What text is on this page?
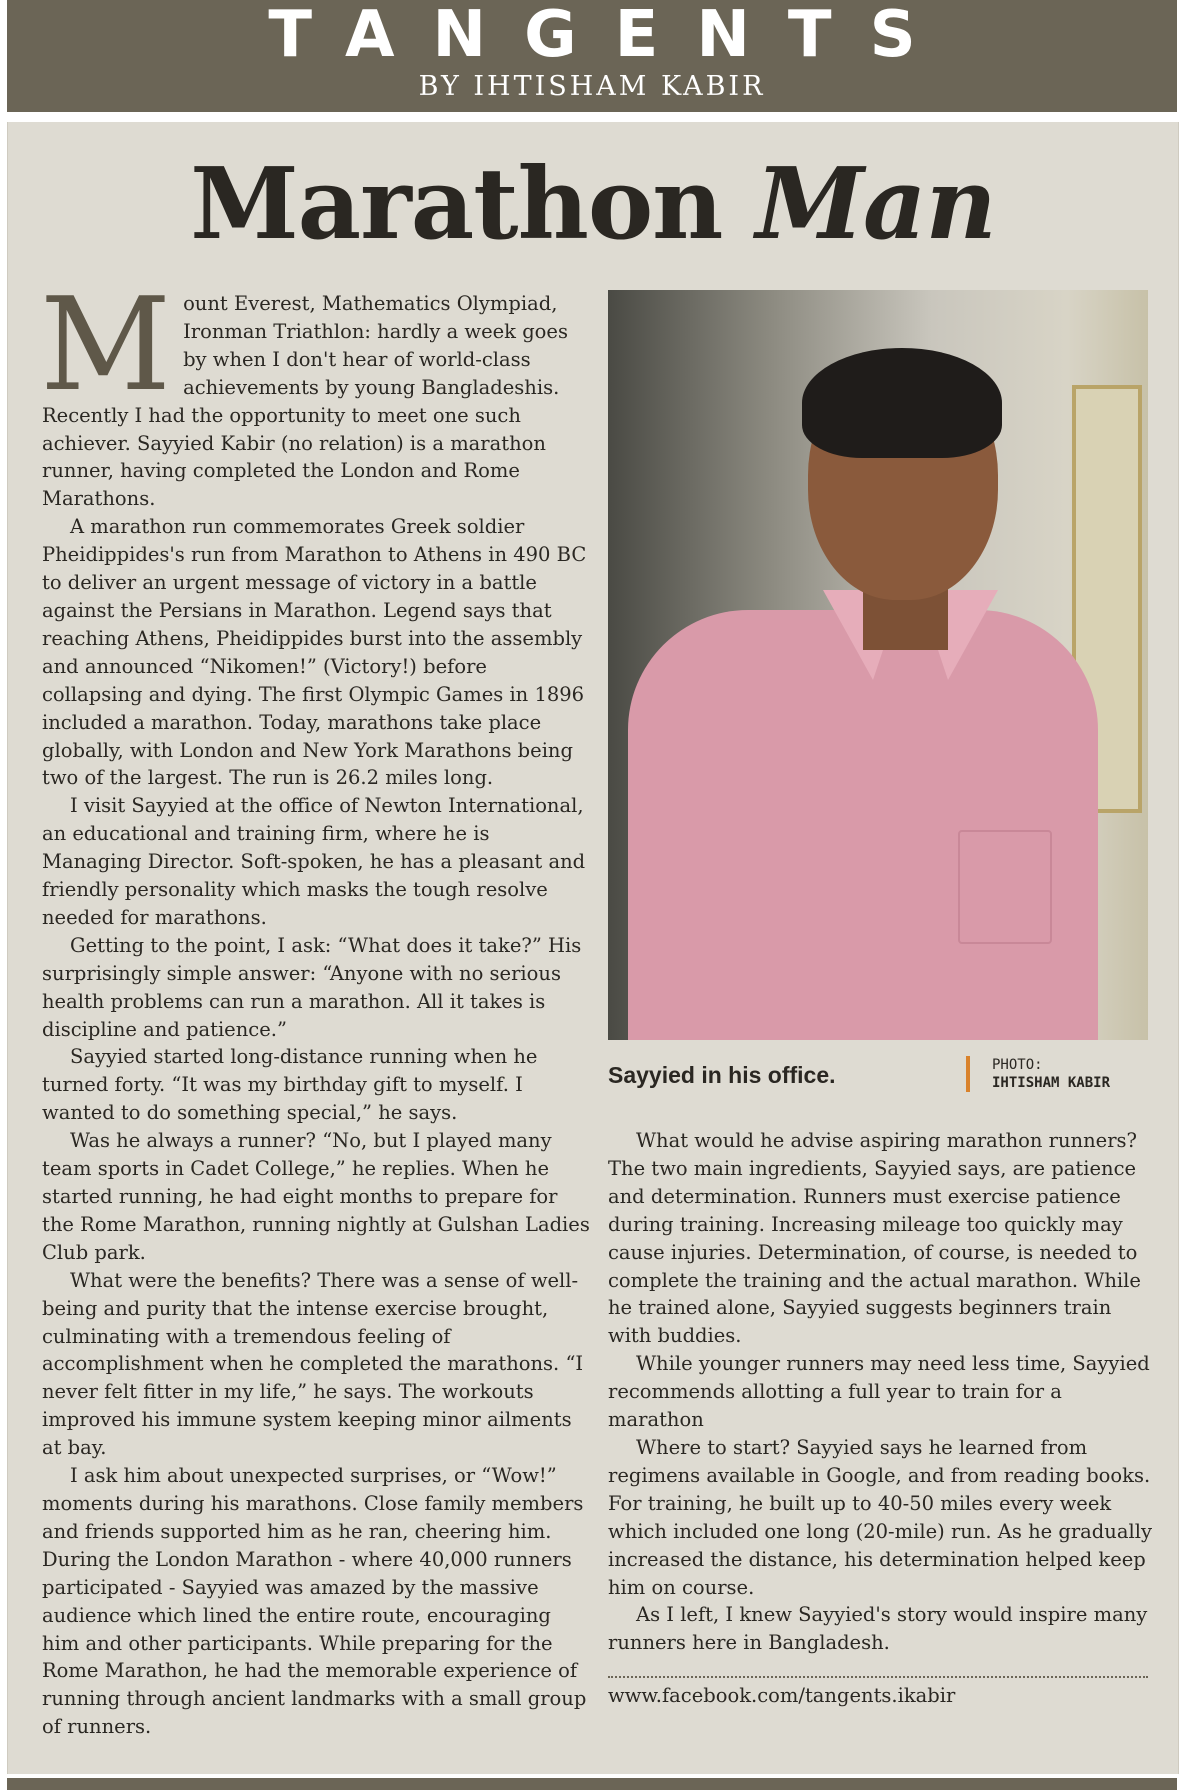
TANGENTS
BY IHTISHAM KABIR
Marathon Man

Mount Everest, Mathematics Olympiad, Ironman Triathlon: hardly a week goes by when I don't hear of world-class achievements by young Bangladeshis. Recently I had the opportunity to meet one such achiever. Sayyied Kabir (no relation) is a marathon runner, having completed the London and Rome Marathons.

A marathon run commemorates Greek soldier Pheidippides's run from Marathon to Athens in 490 BC to deliver an urgent message of victory in a battle against the Persians in Marathon. Legend says that reaching Athens, Pheidippides burst into the assembly and announced “Nikomen!” (Victory!) before collapsing and dying. The first Olympic Games in 1896 included a marathon. Today, marathons take place globally, with London and New York Marathons being two of the largest. The run is 26.2 miles long.

I visit Sayyied at the office of Newton International, an educational and training firm, where he is Managing Director. Soft-spoken, he has a pleasant and friendly personality which masks the tough resolve needed for marathons.

Getting to the point, I ask: “What does it take?” His surprisingly simple answer: “Anyone with no serious health problems can run a marathon. All it takes is discipline and patience.”

Sayyied started long-distance running when he turned forty. “It was my birthday gift to myself. I wanted to do something special,” he says.

Was he always a runner? “No, but I played many team sports in Cadet College,” he replies. When he started running, he had eight months to prepare for the Rome Marathon, running nightly at Gulshan Ladies Club park.

What were the benefits? There was a sense of well-being and purity that the intense exercise brought, culminating with a tremendous feeling of accomplishment when he completed the marathons. “I never felt fitter in my life,” he says. The workouts improved his immune system keeping minor ailments at bay.

I ask him about unexpected surprises, or “Wow!” moments during his marathons. Close family members and friends supported him as he ran, cheering him. During the London Marathon - where 40,000 runners participated - Sayyied was amazed by the massive audience which lined the entire route, encouraging him and other participants. While preparing for the Rome Marathon, he had the memorable experience of running through ancient landmarks with a small group of runners.

Sayyied in his office.	PHOTO:
IHTISHAM KABIR

What would he advise aspiring marathon runners? The two main ingredients, Sayyied says, are patience and determination. Runners must exercise patience during training. Increasing mileage too quickly may cause injuries. Determination, of course, is needed to complete the training and the actual marathon. While he trained alone, Sayyied suggests beginners train with buddies.

While younger runners may need less time, Sayyied recommends allotting a full year to train for a marathon

Where to start? Sayyied says he learned from regimens available in Google, and from reading books. For training, he built up to 40-50 miles every week which included one long (20-mile) run. As he gradually increased the distance, his determination helped keep him on course.

As I left, I knew Sayyied's story would inspire many runners here in Bangladesh.

www.facebook.com/tangents.ikabir
